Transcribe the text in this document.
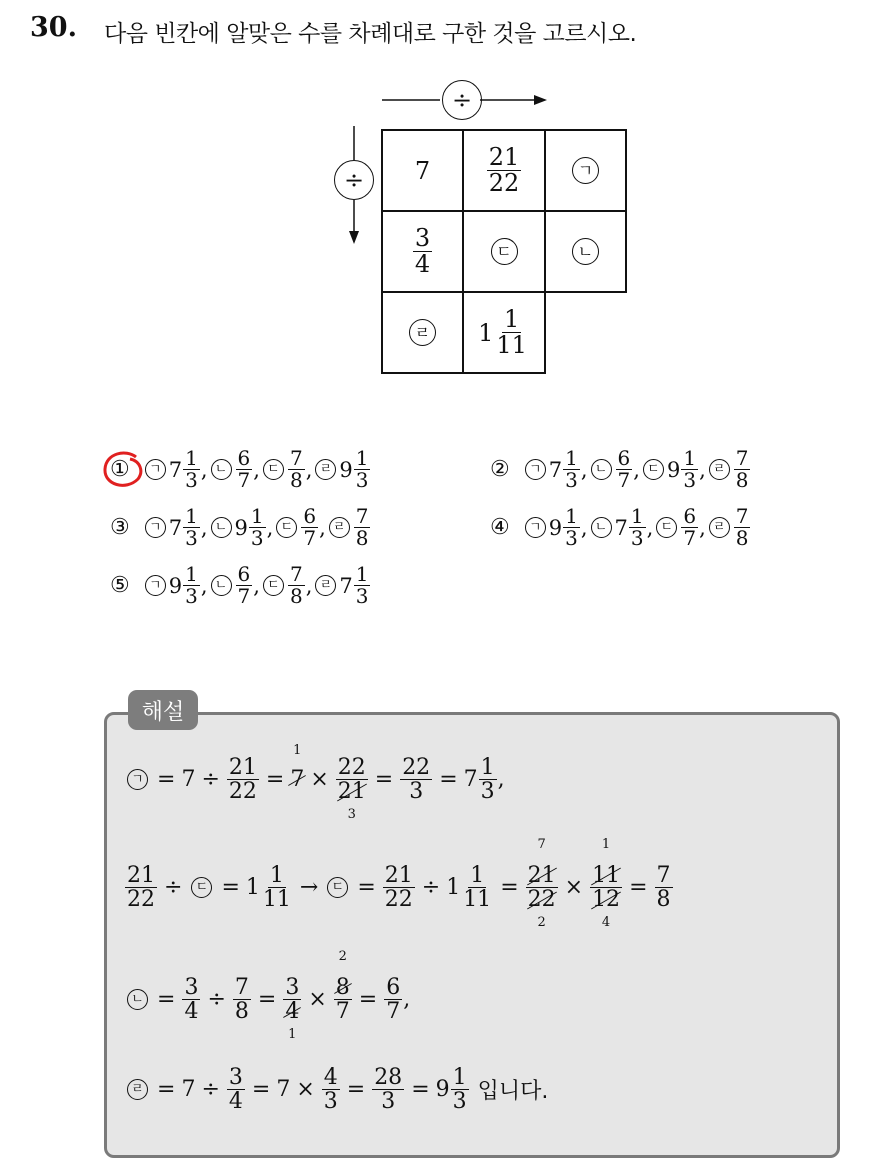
30. 다음 빈칸에 알맞은 수를 차례대로 구한 것을 고르시오.
÷
÷	$7 \frac{21}{22}$	ㄱ
$\frac{3}{4}$	ㄷ	ㄴ
ㄹ $1 \frac{1}{11}$
①	ㄱ $7 \frac{1}{3}$ , ㄴ $\frac{6}{7}$ , ㄷ $\frac{7}{8}$ , ㄹ $9 \frac{1}{3}$	②	ㄱ $7 \frac{1}{3}$ , ㄴ $\frac{6}{7}$ , ㄷ $9 \frac{1}{3}$ , ㄹ $\frac{7}{8}$
③	ㄱ $7 \frac{1}{3}$ , ㄴ $9 \frac{1}{3}$ , ㄷ $\frac{6}{7}$ , ㄹ $\frac{7}{8}$	④	ㄱ $9 \frac{1}{3}$ , ㄴ $7 \frac{1}{3}$ , ㄷ $\frac{6}{7}$ , ㄹ $\frac{7}{8}$
⑤	ㄱ $9 \frac{1}{3}$ , ㄴ $\frac{6}{7}$ , ㄷ $\frac{7}{8}$ , ㄹ $7 \frac{1}{3}$
해설
ㄱ = $7 \div \frac{21}{22} = 7$
1
× 22
21
$3 = \frac{22}{3} = 7 \frac{1}{3}$ ,
$\frac{21}{22}$ ÷	ㄷ = $1 \frac{1}{11}$ →	ㄷ = $\frac{21}{22} \div 1 \frac{1}{11} = 21$
7
22
2 × 11
1
12
$4 = \frac{7}{8}$
ㄴ = $\frac{3}{4} \div \frac{7}{8} = 3$
4
1 × 8
2
$7 = \frac{6}{7}$ ,
ㄹ = $7 \div \frac{3}{4} = 7 \times \frac{4}{3} = \frac{28}{3} = 9 \frac{1}{3}$ 입니다.
